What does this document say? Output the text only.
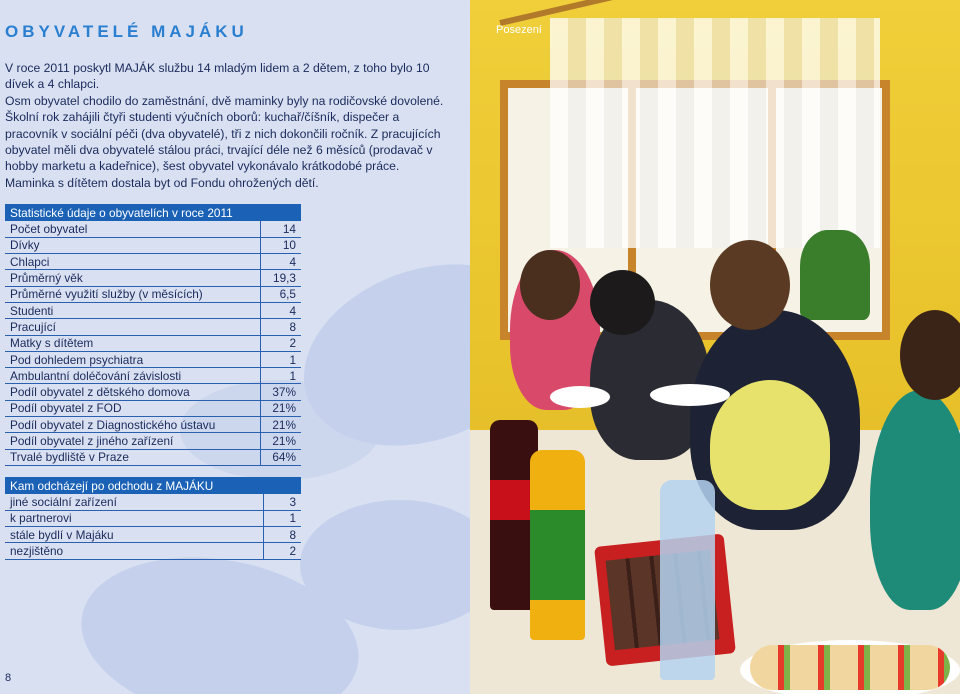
OBYVATELÉ MAJÁKU

V roce 2011 poskytl MAJÁK službu 14 mladým lidem a 2 dětem, z toho bylo 10 dívek a 4 chlapci.

Osm obyvatel chodilo do zaměstnání, dvě maminky byly na rodičovské dovolené. Školní rok zahájili čtyři studenti výučních oborů: kuchař/číšník, dispečer a pracovník v sociální péči (dva obyvatelé), tři z nich dokončili ročník. Z pracujících obyvatel měli dva obyvatelé stálou práci, trvající déle než 6 měsíců (prodavač v hobby marketu a kadeřnice), šest obyvatel vykonávalo krátkodobé práce. Maminka s dítětem dostala byt od Fondu ohrožených dětí.

Statistické údaje o obyvatelích v roce 2011	
Počet obyvatel	14
Dívky	10
Chlapci	4
Průměrný věk	19,3
Průměrné využití služby (v měsících)	6,5
Studenti	4
Pracující	8
Matky s dítětem	2
Pod dohledem psychiatra	1
Ambulantní doléčování závislosti	1
Podíl obyvatel z dětského domova	37%
Podíl obyvatel z FOD	21%
Podíl obyvatel z Diagnostického ústavu	21%
Podíl obyvatel z jiného zařízení	21%
Trvalé bydliště v Praze	64%
Kam odcházejí po odchodu z MAJÁKU	
jiné sociální zařízení	3
k partnerovi	1
stále bydlí v Majáku	8
nezjištěno	2
8
Posezení
